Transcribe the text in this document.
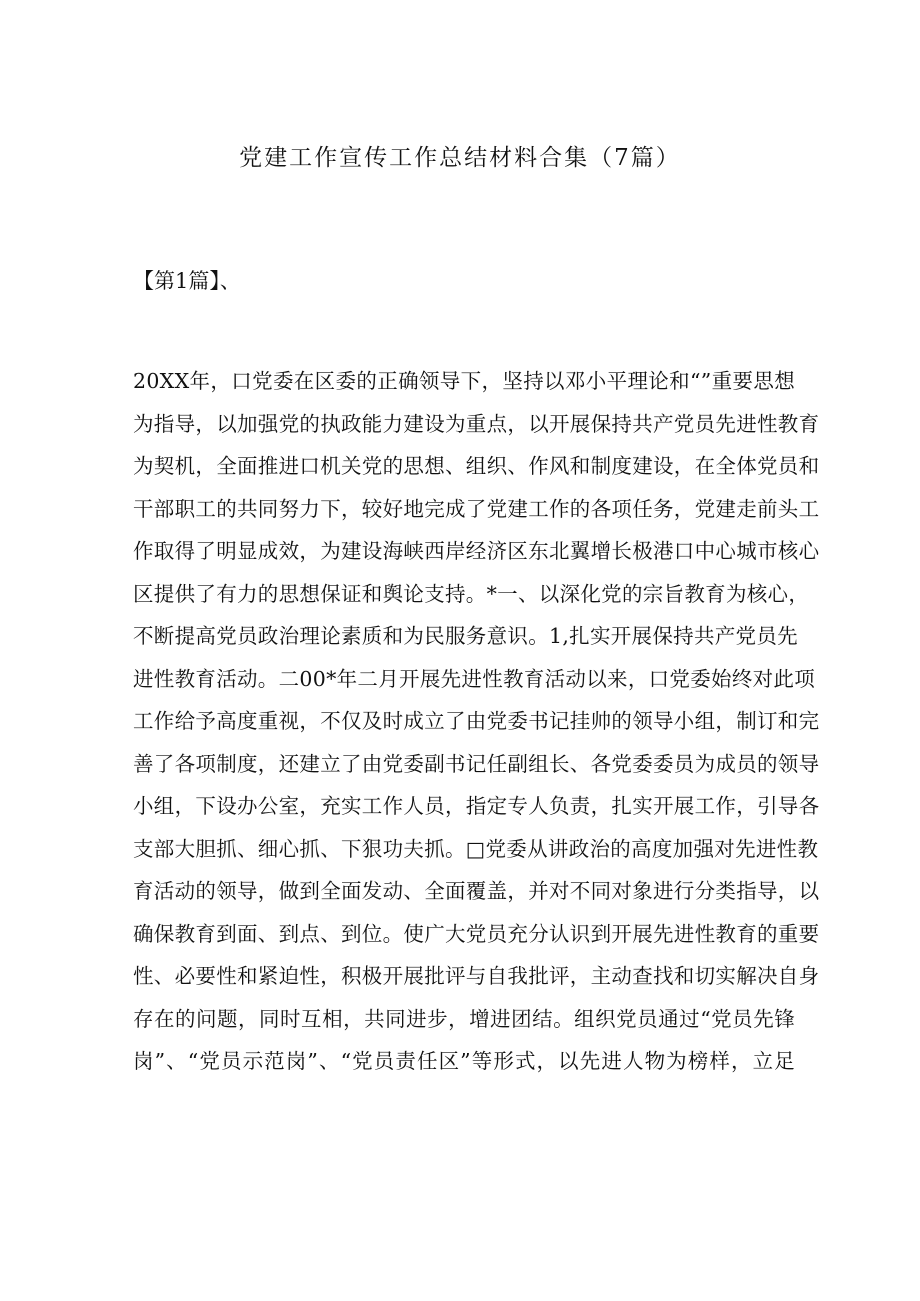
党建工作宣传工作总结材料合集（7篇）

【第1篇】、

20XX年，口党委在区委的正确领导下，坚持以邓小平理论和“”重要思想
为指导，以加强党的执政能力建设为重点，以开展保持共产党员先进性教育
为契机，全面推进口机关党的思想、组织、作风和制度建设，在全体党员和
干部职工的共同努力下，较好地完成了党建工作的各项任务，党建走前头工
作取得了明显成效，为建设海峡西岸经济区东北翼增长极港口中心城市核心
区提供了有力的思想保证和舆论支持。*一、以深化党的宗旨教育为核心，
不断提高党员政治理论素质和为民服务意识。1,扎实开展保持共产党员先
进性教育活动。二00*年二月开展先进性教育活动以来，口党委始终对此项
工作给予高度重视，不仅及时成立了由党委书记挂帅的领导小组，制订和完
善了各项制度，还建立了由党委副书记任副组长、各党委委员为成员的领导
小组，下设办公室，充实工作人员，指定专人负责，扎实开展工作，引导各
支部大胆抓、细心抓、下狠功夫抓。□党委从讲政治的高度加强对先进性教
育活动的领导，做到全面发动、全面覆盖，并对不同对象进行分类指导，以
确保教育到面、到点、到位。使广大党员充分认识到开展先进性教育的重要
性、必要性和紧迫性，积极开展批评与自我批评，主动查找和切实解决自身
存在的问题，同时互相，共同进步，增进团结。组织党员通过“党员先锋
岗”、“党员示范岗”、“党员责任区”等形式，以先进人物为榜样，立足
